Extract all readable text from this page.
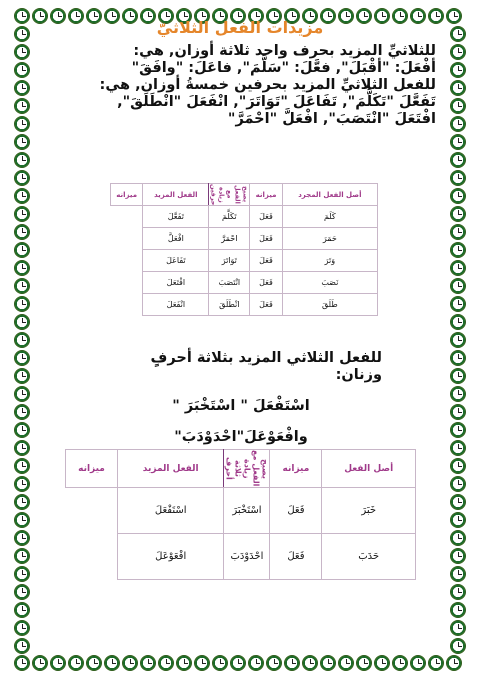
مزيدات الفعل الثلاثيّ
للثلاثيِّ المزيد بحرف واحد ثلاثة أوزان, هي:
أفْعَلَ: "أقْبَلَ", فعَّلَ: "سَلَّمَ", فاعَلَ: "وافَقَ"
للفعل الثلاثيِّ المزيد بحرفين خمسةُ أوزان, هي:
تَفَعَّلَ "تَكَلَّمَ", تَفَاعَلَ "تَوَاتَرَ", انْفَعَلَ "انْطَلَقَ",
افْتَعَلَ "انْتَصَبَ", افْعَلَّ "احْمَرَّ"
أصل الفعل المجرد	ميزانه	يصبح الفعل مع زيادة حرفين	الفعل المزيد	ميزانه
كَلَمَ	فَعَلَ	تَكَلَّمَ	تَفَعَّلَ	
حَمَرَ	فَعَلَ	احْمَرَّ	افْعَلَّ	
وَتَرَ	فَعَلَ	تَوَاتَرَ	تَفَاعَلَ	
نَصَبَ	فَعَلَ	انْتَصَبَ	افْتَعَلَ	
طَلَقَ	فَعَلَ	انْطَلَقَ	انْفَعَلَ	
للفعل الثلاثي المزيد بثلاثة أحرفٍ وزنان:
اسْتَفْعَلَ " اسْتَخْبَرَ "
وافْعَوْعَلَ"احْدَوْدَبَ"
أصل الفعل	ميزانه	يصبح الفعل مع زيادة ثلاثة أحرف	الفعل المزيد	ميزانه
خَبَرَ	فَعَلَ	اسْتَخْبَرَ	اسْتَفْعَلَ	
حَدَبَ	فَعَلَ	احْدَوْدَبَ	افْعَوْعَلَ	
